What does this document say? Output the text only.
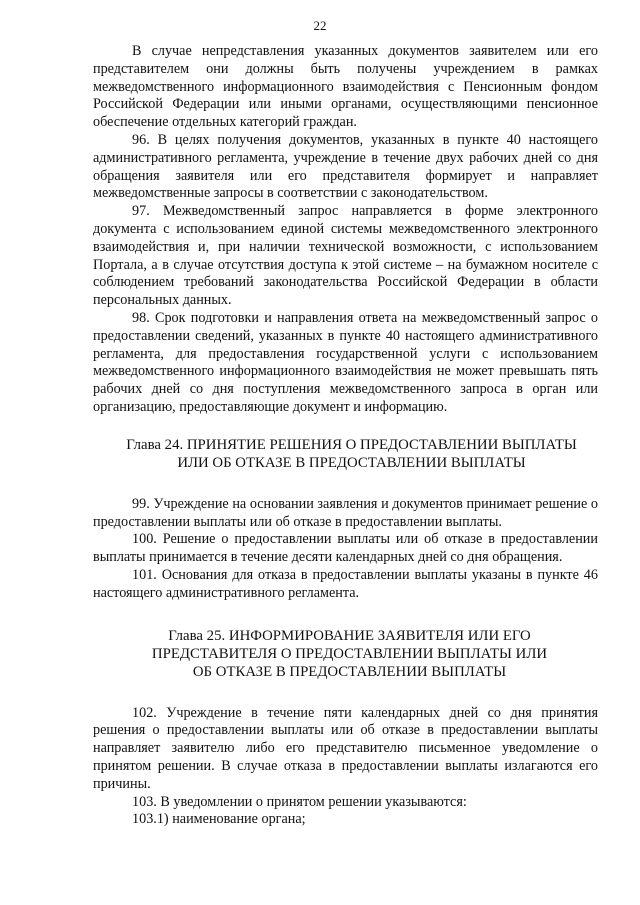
22

В случае непредставления указанных документов заявителем или его представителем они должны быть получены учреждением в рамках межведомственного информационного взаимодействия с Пенсионным фондом Российской Федерации или иными органами, осуществляющими пенсионное обеспечение отдельных категорий граждан.

96. В целях получения документов, указанных в пункте 40 настоящего административного регламента, учреждение в течение двух рабочих дней со дня обращения заявителя или его представителя формирует и направляет межведомственные запросы в соответствии с законодательством.

97. Межведомственный запрос направляется в форме электронного документа с использованием единой системы межведомственного электронного взаимодействия и, при наличии технической возможности, с использованием Портала, а в случае отсутствия доступа к этой системе – на бумажном носителе с соблюдением требований законодательства Российской Федерации в области персональных данных.

98. Срок подготовки и направления ответа на межведомственный запрос о предоставлении сведений, указанных в пункте 40 настоящего административного регламента, для предоставления государственной услуги с использованием межведомственного информационного взаимодействия не может превышать пять рабочих дней со дня поступления межведомственного запроса в орган или организацию, предоставляющие документ и информацию.

Глава 24. ПРИНЯТИЕ РЕШЕНИЯ О ПРЕДОСТАВЛЕНИИ ВЫПЛАТЫ
ИЛИ ОБ ОТКАЗЕ В ПРЕДОСТАВЛЕНИИ ВЫПЛАТЫ

99. Учреждение на основании заявления и документов принимает решение о предоставлении выплаты или об отказе в предоставлении выплаты.

100. Решение о предоставлении выплаты или об отказе в предоставлении выплаты принимается в течение десяти календарных дней со дня обращения.

101. Основания для отказа в предоставлении выплаты указаны в пункте 46 настоящего административного регламента.

Глава 25. ИНФОРМИРОВАНИЕ ЗАЯВИТЕЛЯ ИЛИ ЕГО
ПРЕДСТАВИТЕЛЯ О ПРЕДОСТАВЛЕНИИ ВЫПЛАТЫ ИЛИ
ОБ ОТКАЗЕ В ПРЕДОСТАВЛЕНИИ ВЫПЛАТЫ

102. Учреждение в течение пяти календарных дней со дня принятия решения о предоставлении выплаты или об отказе в предоставлении выплаты направляет заявителю либо его представителю письменное уведомление о принятом решении. В случае отказа в предоставлении выплаты излагаются его причины.

103. В уведомлении о принятом решении указываются:

103.1) наименование органа;
